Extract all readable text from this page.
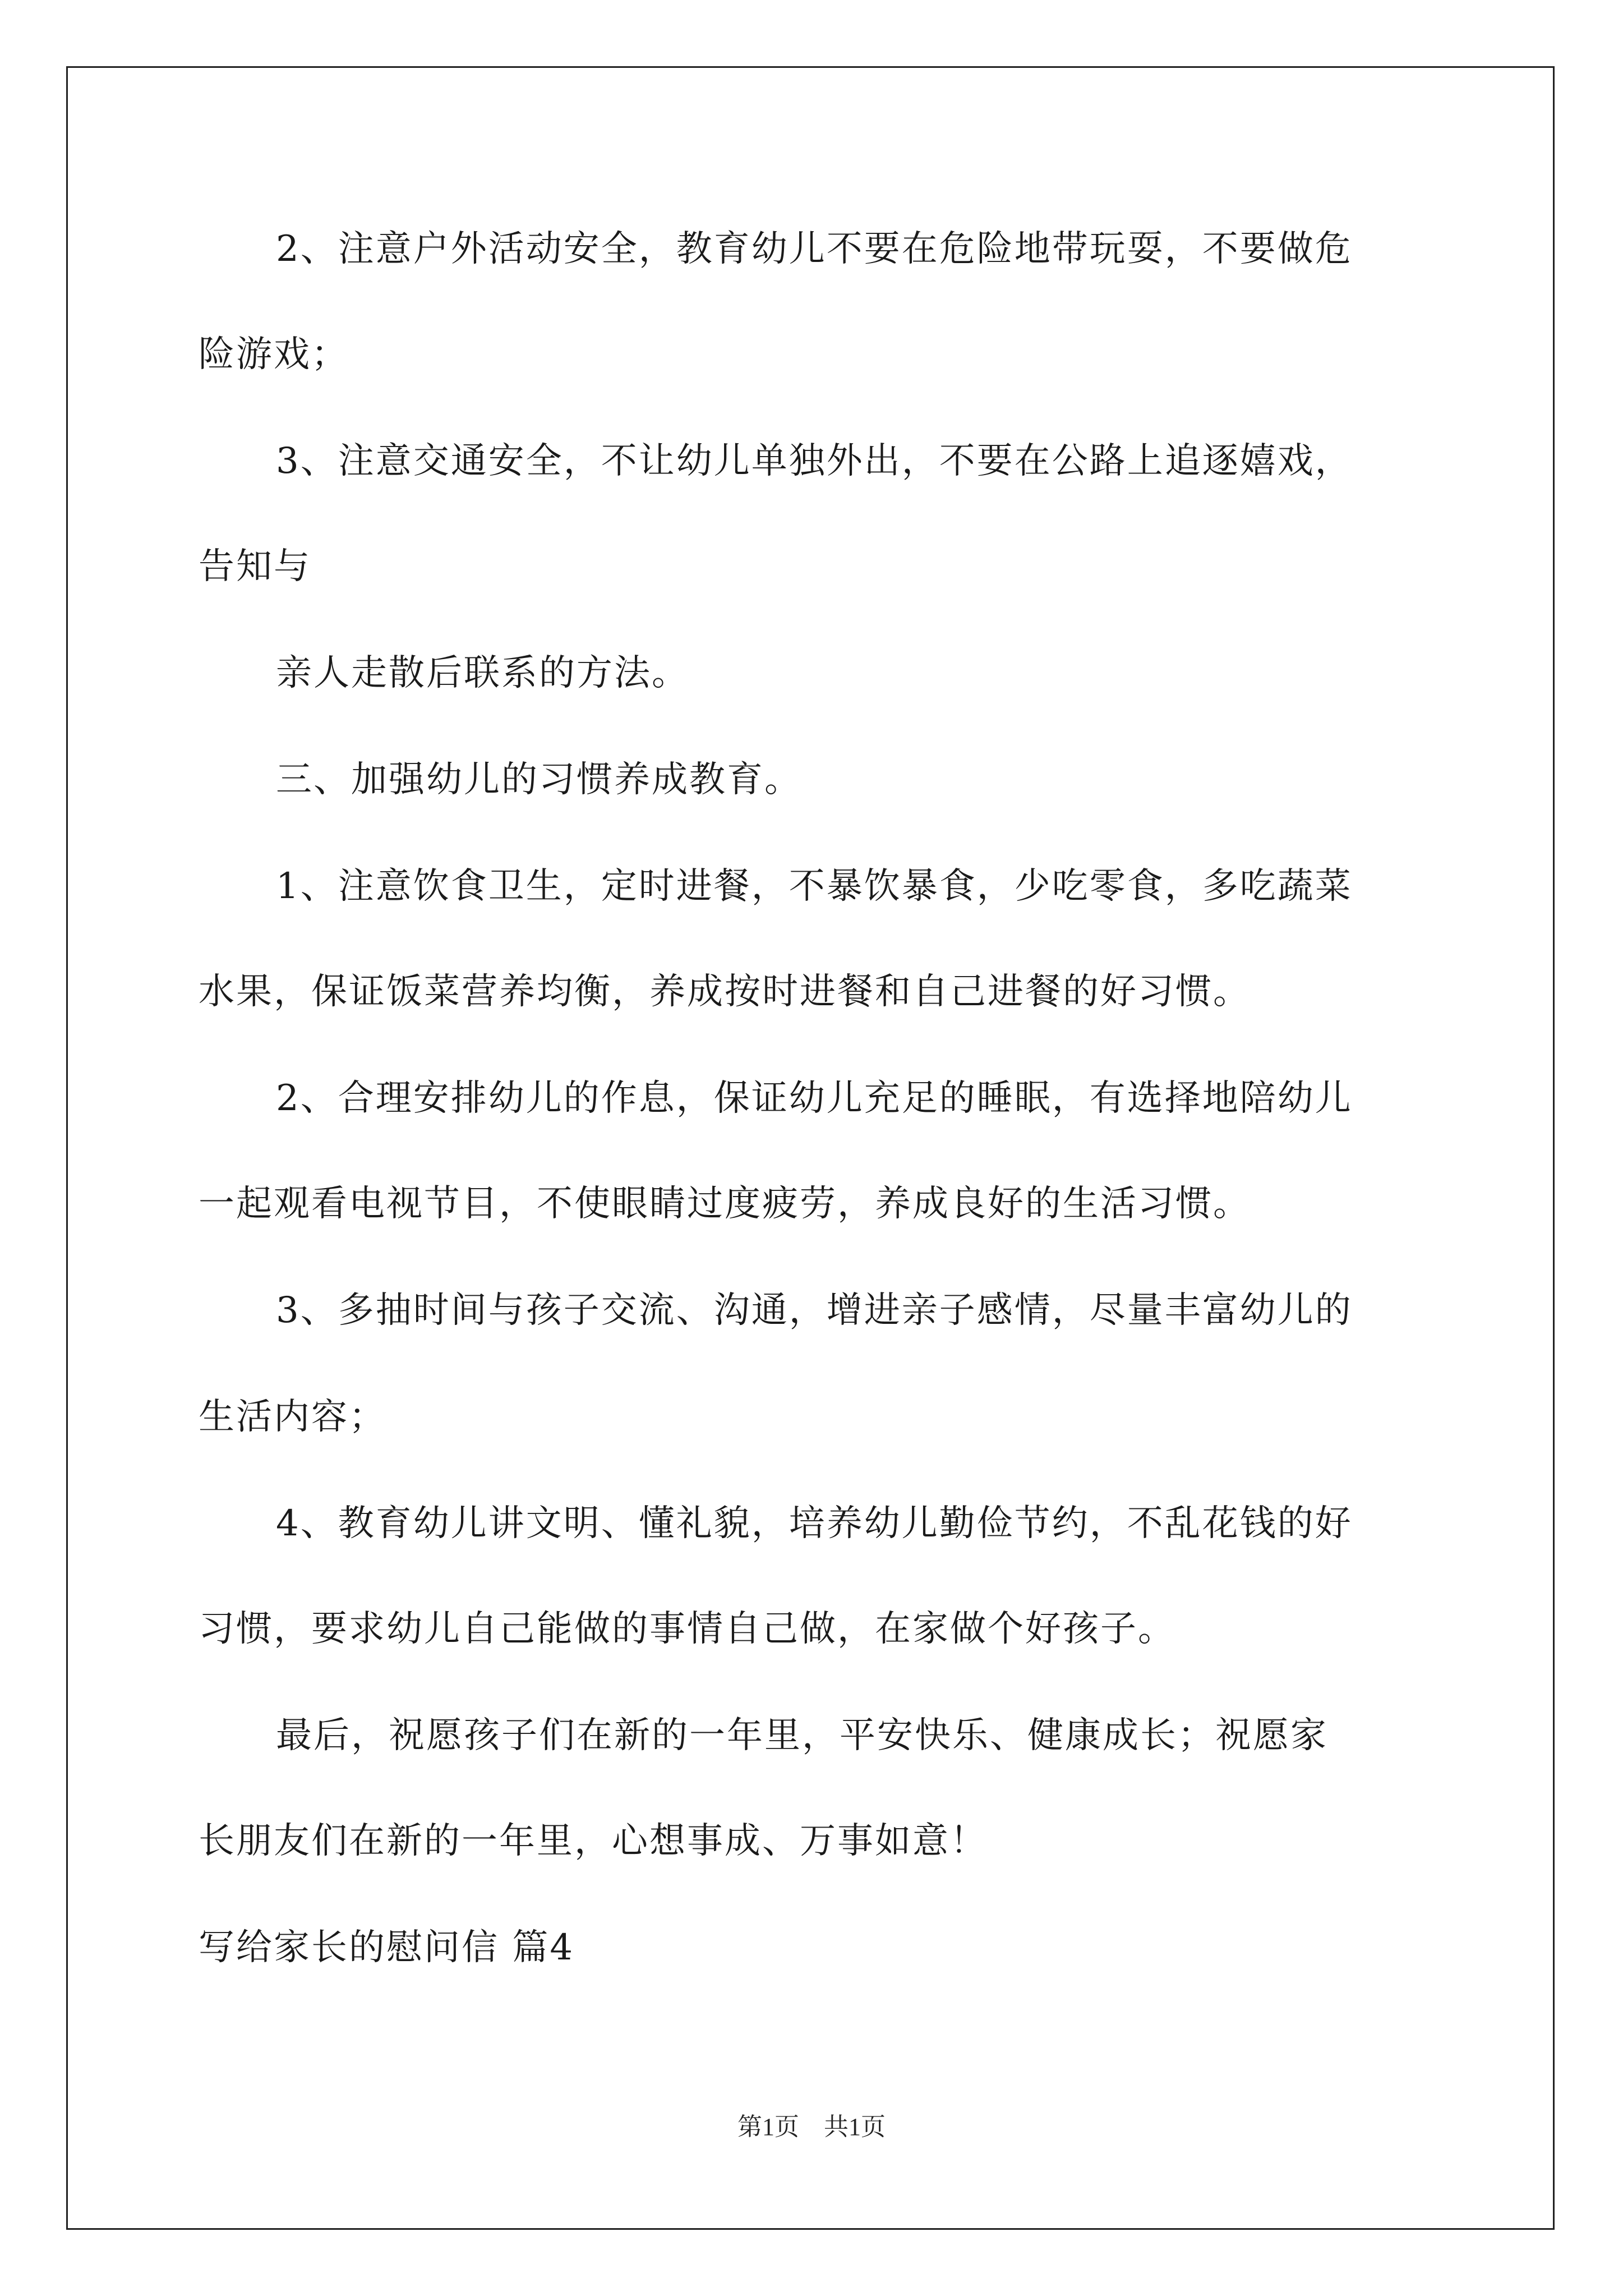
2、注意户外活动安全，教育幼儿不要在危险地带玩耍，不要做危
险游戏；
3、注意交通安全，不让幼儿单独外出，不要在公路上追逐嬉戏，
告知与
亲人走散后联系的方法。
三、加强幼儿的习惯养成教育。
1、注意饮食卫生，定时进餐，不暴饮暴食，少吃零食，多吃蔬菜
水果，保证饭菜营养均衡，养成按时进餐和自己进餐的好习惯。
2、合理安排幼儿的作息，保证幼儿充足的睡眠，有选择地陪幼儿
一起观看电视节目，不使眼睛过度疲劳，养成良好的生活习惯。
3、多抽时间与孩子交流、沟通，增进亲子感情，尽量丰富幼儿的
生活内容；
4、教育幼儿讲文明、懂礼貌，培养幼儿勤俭节约，不乱花钱的好
习惯，要求幼儿自己能做的事情自己做，在家做个好孩子。
最后，祝愿孩子们在新的一年里，平安快乐、健康成长；祝愿家
长朋友们在新的一年里，心想事成、万事如意！
写给家长的慰问信 篇4
第1页　共1页
